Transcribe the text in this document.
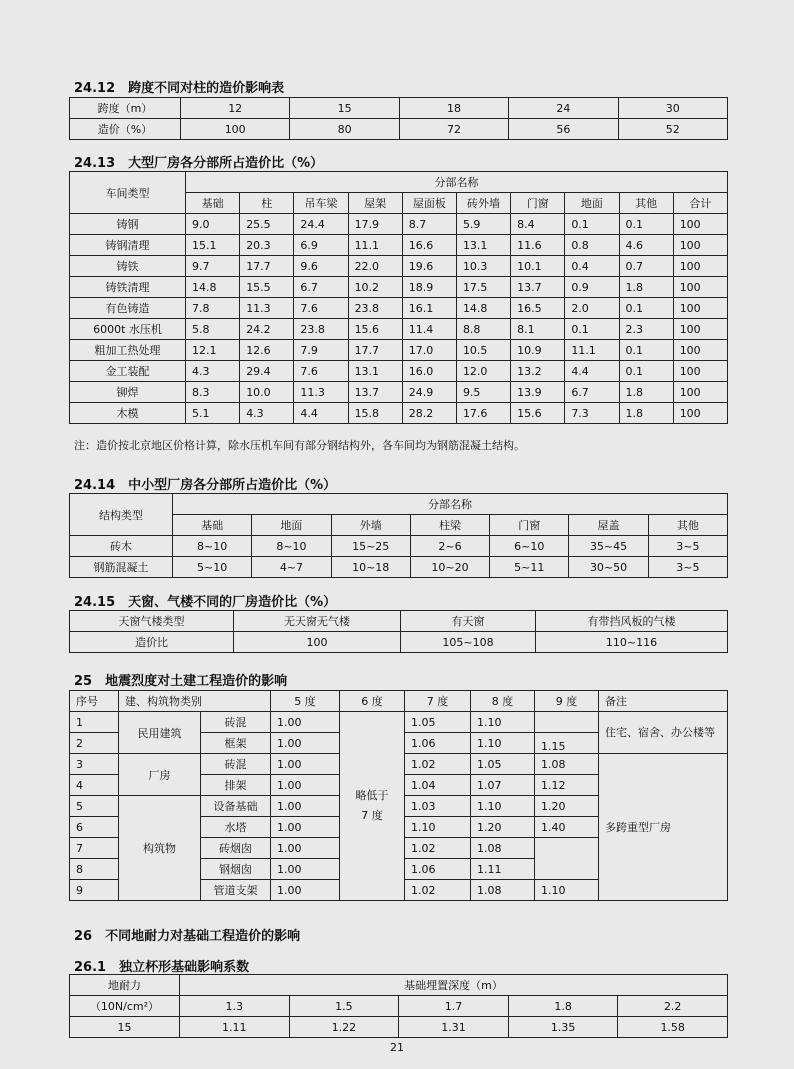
24.12　跨度不同对柱的造价影响表
跨度（m）	12	15	18	24	30
造价（%）	100	80	72	56	52
24.13　大型厂房各分部所占造价比（%）
车间类型	分部名称									
	基础	柱	吊车梁	屋架	屋面板	砖外墙	门窗	地面	其他	合计
铸钢	9.0	25.5	24.4	17.9	8.7	5.9	8.4	0.1	0.1	100
铸钢清理	15.1	20.3	6.9	11.1	16.6	13.1	11.6	0.8	4.6	100
铸铁	9.7	17.7	9.6	22.0	19.6	10.3	10.1	0.4	0.7	100
铸铁清理	14.8	15.5	6.7	10.2	18.9	17.5	13.7	0.9	1.8	100
有色铸造	7.8	11.3	7.6	23.8	16.1	14.8	16.5	2.0	0.1	100
6000t 水压机	5.8	24.2	23.8	15.6	11.4	8.8	8.1	0.1	2.3	100
粗加工热处理	12.1	12.6	7.9	17.7	17.0	10.5	10.9	11.1	0.1	100
金工装配	4.3	29.4	7.6	13.1	16.0	12.0	13.2	4.4	0.1	100
铆焊	8.3	10.0	11.3	13.7	24.9	9.5	13.9	6.7	1.8	100
木模	5.1	4.3	4.4	15.8	28.2	17.6	15.6	7.3	1.8	100
注：造价按北京地区价格计算，除水压机车间有部分钢结构外，各车间均为钢筋混凝土结构。
24.14　中小型厂房各分部所占造价比（%）
结构类型	分部名称						
	基础	地面	外墙	柱梁	门窗	屋盖	其他
砖木	8~10	8~10	15~25	2~6	6~10	35~45	3~5
钢筋混凝土	5~10	4~7	10~18	10~20	5~11	30~50	3~5
24.15　天窗、气楼不同的厂房造价比（%）
天窗气楼类型	无天窗无气楼	有天窗	有带挡风板的气楼
造价比	100	105~108	110~116
25　地震烈度对土建工程造价的影响
序号	建、构筑物类别		5 度	6 度	7 度	8 度	9 度	备注
1	民用建筑	砖混	1.00	略低于 7 度	1.05	1.10		住宅、宿舍、办公楼等
2		框架	1.00		1.06	1.10	1.15	
3	厂房	砖混	1.00		1.02	1.05	1.08	多跨重型厂房
4		排架	1.00		1.04	1.07	1.12	
5	构筑物	设备基础	1.00		1.03	1.10	1.20	
6		水塔	1.00		1.10	1.20	1.40	
7		砖烟囱	1.00		1.02	1.08		
8		钢烟囱	1.00		1.06	1.11		
9		管道支架	1.00		1.02	1.08	1.10	
26　不同地耐力对基础工程造价的影响
26.1　独立杯形基础影响系数
地耐力	基础埋置深度（m）				
（10N/cm²）	1.3	1.5	1.7	1.8	2.2
15	1.11	1.22	1.31	1.35	1.58
21
